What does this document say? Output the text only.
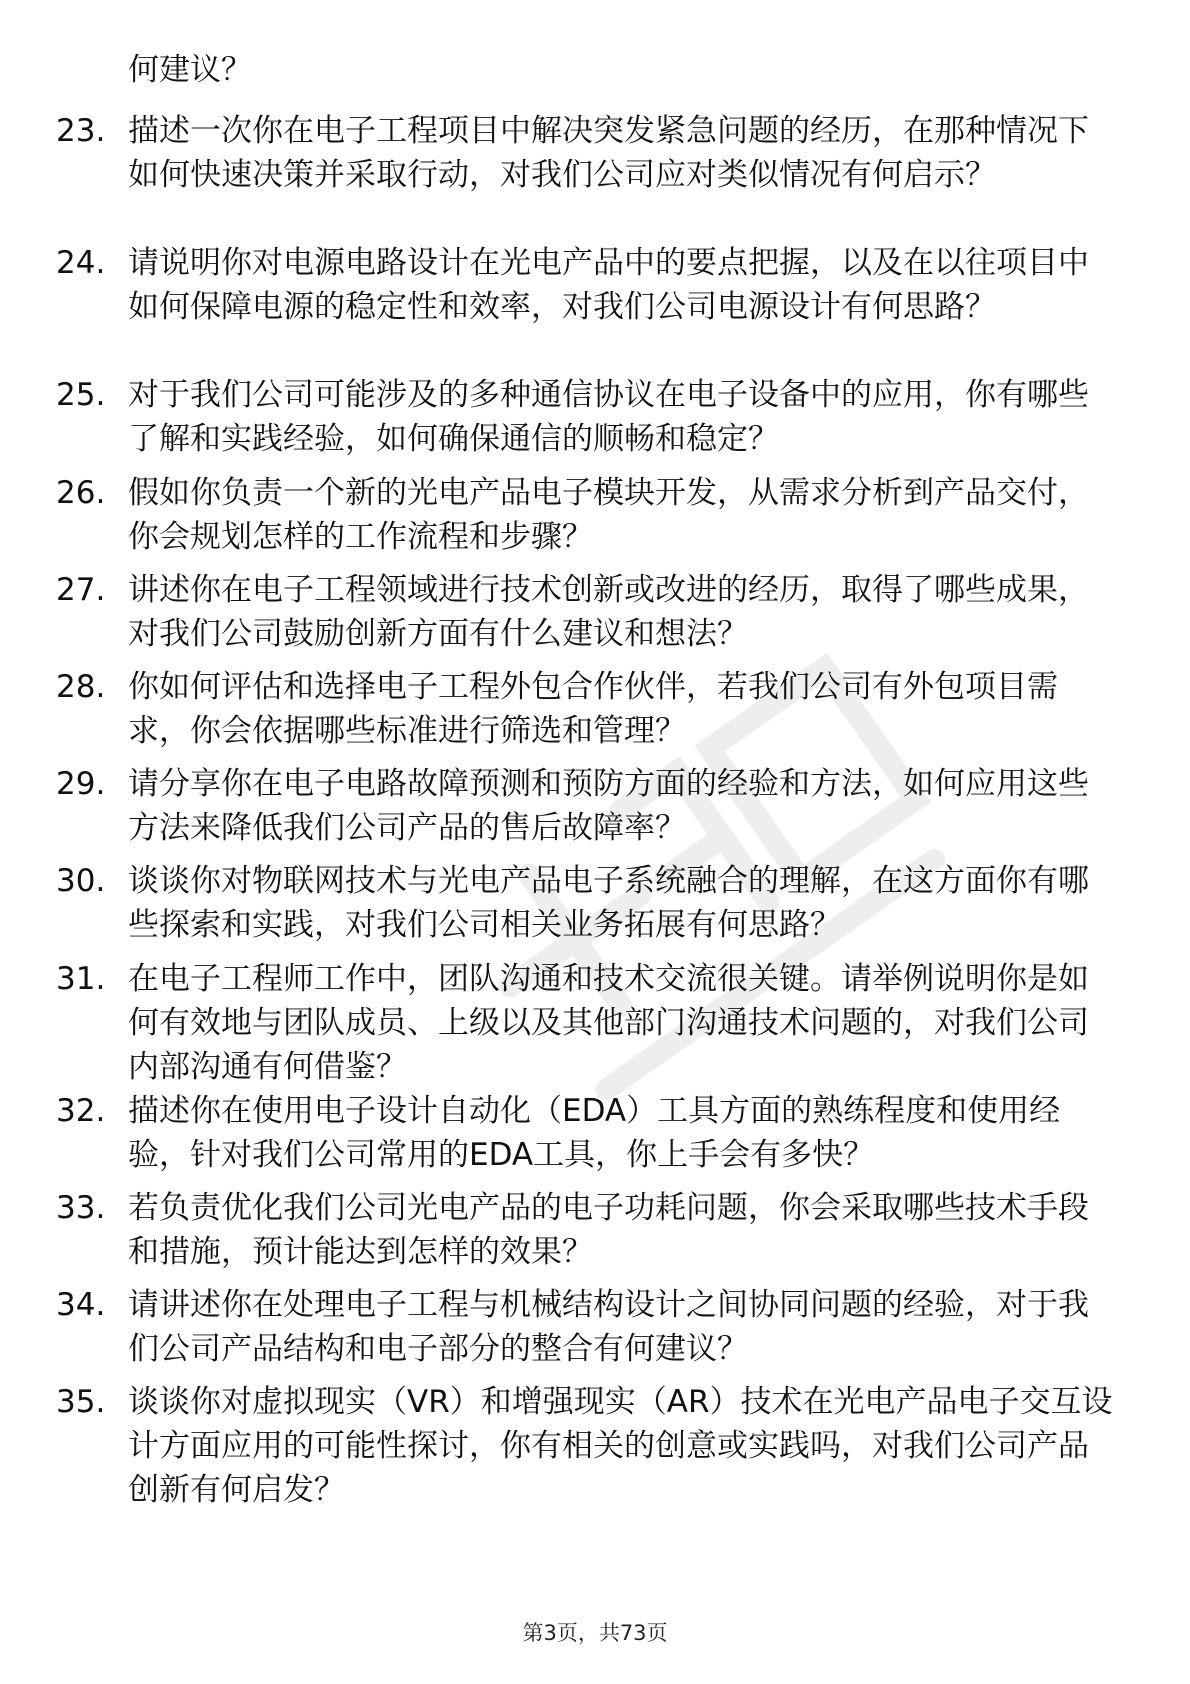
何建议？
23. 描述一次你在电子工程项目中解决突发紧急问题的经历，在那种情况下如何快速决策并采取行动，对我们公司应对类似情况有何启示？
24. 请说明你对电源电路设计在光电产品中的要点把握，以及在以往项目中如何保障电源的稳定性和效率，对我们公司电源设计有何思路？
25. 对于我们公司可能涉及的多种通信协议在电子设备中的应用，你有哪些了解和实践经验，如何确保通信的顺畅和稳定？
26. 假如你负责一个新的光电产品电子模块开发，从需求分析到产品交付，你会规划怎样的工作流程和步骤？
27. 讲述你在电子工程领域进行技术创新或改进的经历，取得了哪些成果，对我们公司鼓励创新方面有什么建议和想法？
28. 你如何评估和选择电子工程外包合作伙伴，若我们公司有外包项目需求，你会依据哪些标准进行筛选和管理？
29. 请分享你在电子电路故障预测和预防方面的经验和方法，如何应用这些方法来降低我们公司产品的售后故障率？
30. 谈谈你对物联网技术与光电产品电子系统融合的理解，在这方面你有哪些探索和实践，对我们公司相关业务拓展有何思路？
31. 在电子工程师工作中，团队沟通和技术交流很关键。请举例说明你是如何有效地与团队成员、上级以及其他部门沟通技术问题的，对我们公司内部沟通有何借鉴？
32. 描述你在使用电子设计自动化（EDA）工具方面的熟练程度和使用经验，针对我们公司常用的EDA工具，你上手会有多快？
33. 若负责优化我们公司光电产品的电子功耗问题，你会采取哪些技术手段和措施，预计能达到怎样的效果？
34. 请讲述你在处理电子工程与机械结构设计之间协同问题的经验，对于我们公司产品结构和电子部分的整合有何建议？
35. 谈谈你对虚拟现实（VR）和增强现实（AR）技术在光电产品电子交互设计方面应用的可能性探讨，你有相关的创意或实践吗，对我们公司产品创新有何启发？
第3页，共73页
